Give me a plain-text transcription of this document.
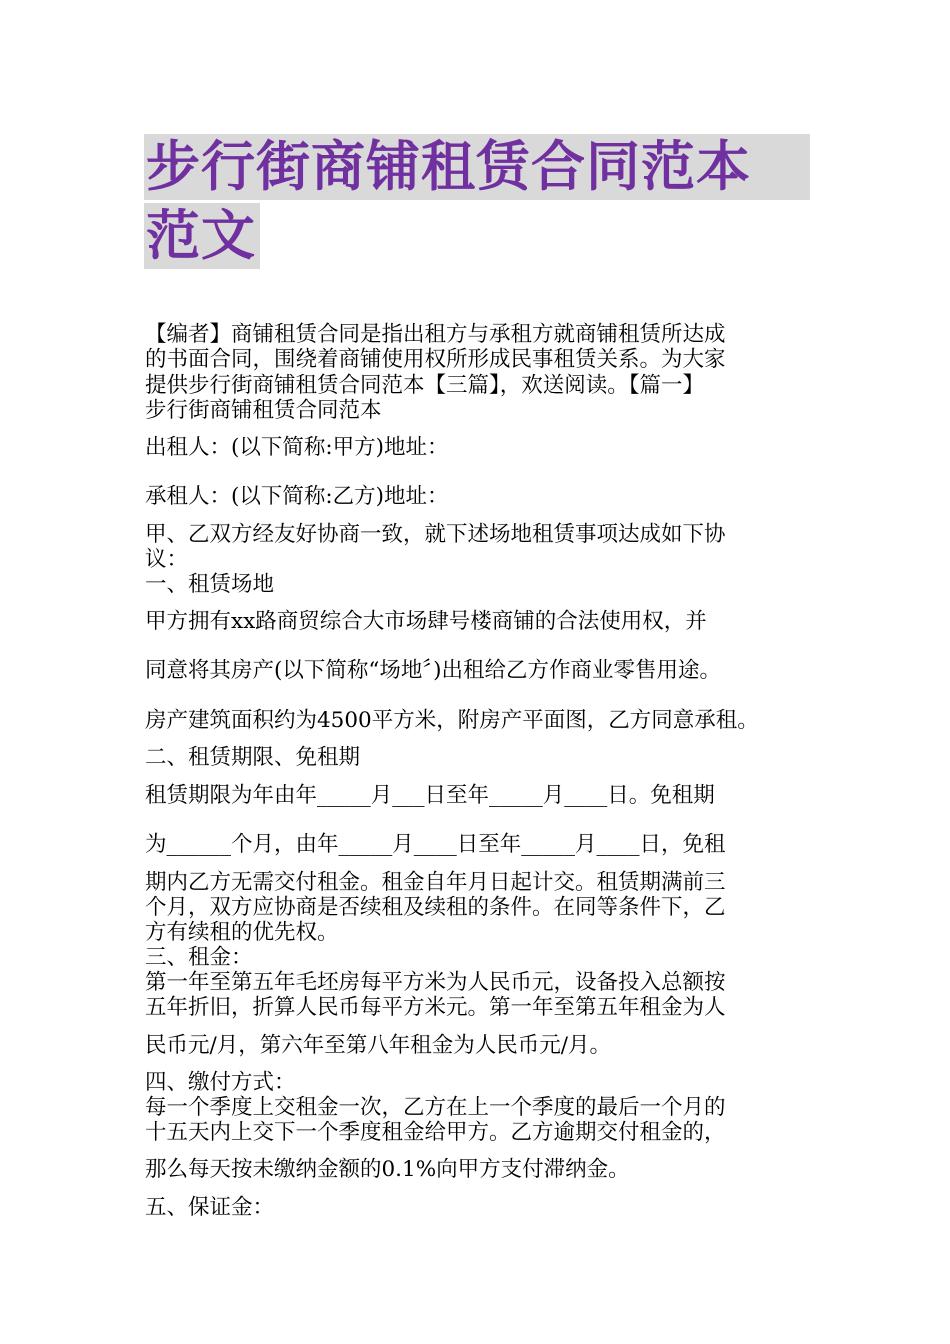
步行街商铺租赁合同范本
范文
【编者】商铺租赁合同是指出租方与承租方就商铺租赁所达成
的书面合同，围绕着商铺使用权所形成民事租赁关系。为大家
提供步行街商铺租赁合同范本【三篇】，欢送阅读。【篇一】
步行街商铺租赁合同范本
出租人：(以下简称:甲方)地址：
承租人：(以下简称:乙方)地址：
甲、乙双方经友好协商一致，就下述场地租赁事项达成如下协
议：
一、租赁场地
甲方拥有xx路商贸综合大市场肆号楼商铺的合法使用权，并
同意将其房产(以下简称“场地〞)出租给乙方作商业零售用途。
房产建筑面积约为4500平方米，附房产平面图，乙方同意承租。
二、租赁期限、免租期
租赁期限为年由年_____月___日至年_____月____日。免租期
为______个月，由年_____月____日至年_____月____日，免租
期内乙方无需交付租金。租金自年月日起计交。租赁期满前三
个月，双方应协商是否续租及续租的条件。在同等条件下，乙
方有续租的优先权。
三、租金：
第一年至第五年毛坯房每平方米为人民币元，设备投入总额按
五年折旧，折算人民币每平方米元。第一年至第五年租金为人
民币元/月，第六年至第八年租金为人民币元/月。
四、缴付方式：
每一个季度上交租金一次，乙方在上一个季度的最后一个月的
十五天内上交下一个季度租金给甲方。乙方逾期交付租金的，
那么每天按未缴纳金额的0.1%向甲方支付滞纳金。
五、保证金：
